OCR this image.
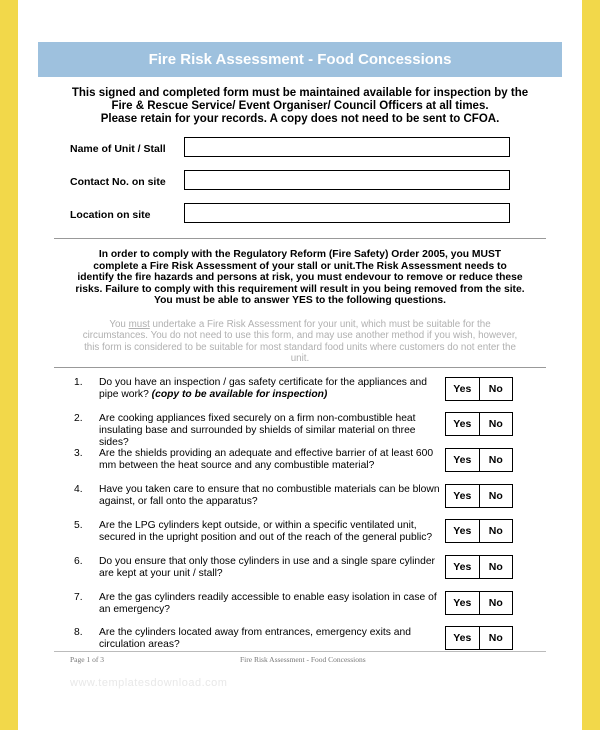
Fire Risk Assessment - Food Concessions
This signed and completed form must be maintained available for inspection by the
Fire & Rescue Service/ Event Organiser/ Council Officers at all times.
Please retain for your records. A copy does not need to be sent to CFOA.
Name of Unit / Stall
Contact No. on site
Location on site
In order to comply with the Regulatory Reform (Fire Safety) Order 2005, you MUST
complete a Fire Risk Assessment of your stall or unit.The Risk Assessment needs to
identify the fire hazards and persons at risk, you must endevour to remove or reduce these
risks. Failure to comply with this requirement will result in you being removed from the site.
You must be able to answer YES to the following questions.
You must undertake a Fire Risk Assessment for your unit, which must be suitable for the circumstances. You do not need to use this form, and may use another method if you wish, however, this form is considered to be suitable for most standard food units where customers do not enter the unit.
1. Do you have an inspection / gas safety certificate for the appliances and pipe work? (copy to be available for inspection)	Yes	No
2. Are cooking appliances fixed securely on a firm non-combustible heat insulating base and surrounded by shields of similar material on three sides?
Yes	No
3. Are the shields providing an adequate and effective barrier of at least 600 mm between the heat source and any combustible material?	Yes	No
4. Have you taken care to ensure that no combustible materials can be blown against, or fall onto the apparatus?	Yes	No
5. Are the LPG cylinders kept outside, or within a specific ventilated unit, secured in the upright position and out of the reach of the general public?
Yes	No
6. Do you ensure that only those cylinders in use and a single spare cylinder are kept at your unit / stall?
Yes	No
7. Are the gas cylinders readily accessible to enable easy isolation in case of an emergency?
Yes	No
8. Are the cylinders located away from entrances, emergency exits and circulation areas?
Yes	No
Page 1 of 3	Fire Risk Assessment - Food Concessions
www.templatesdownload.com
